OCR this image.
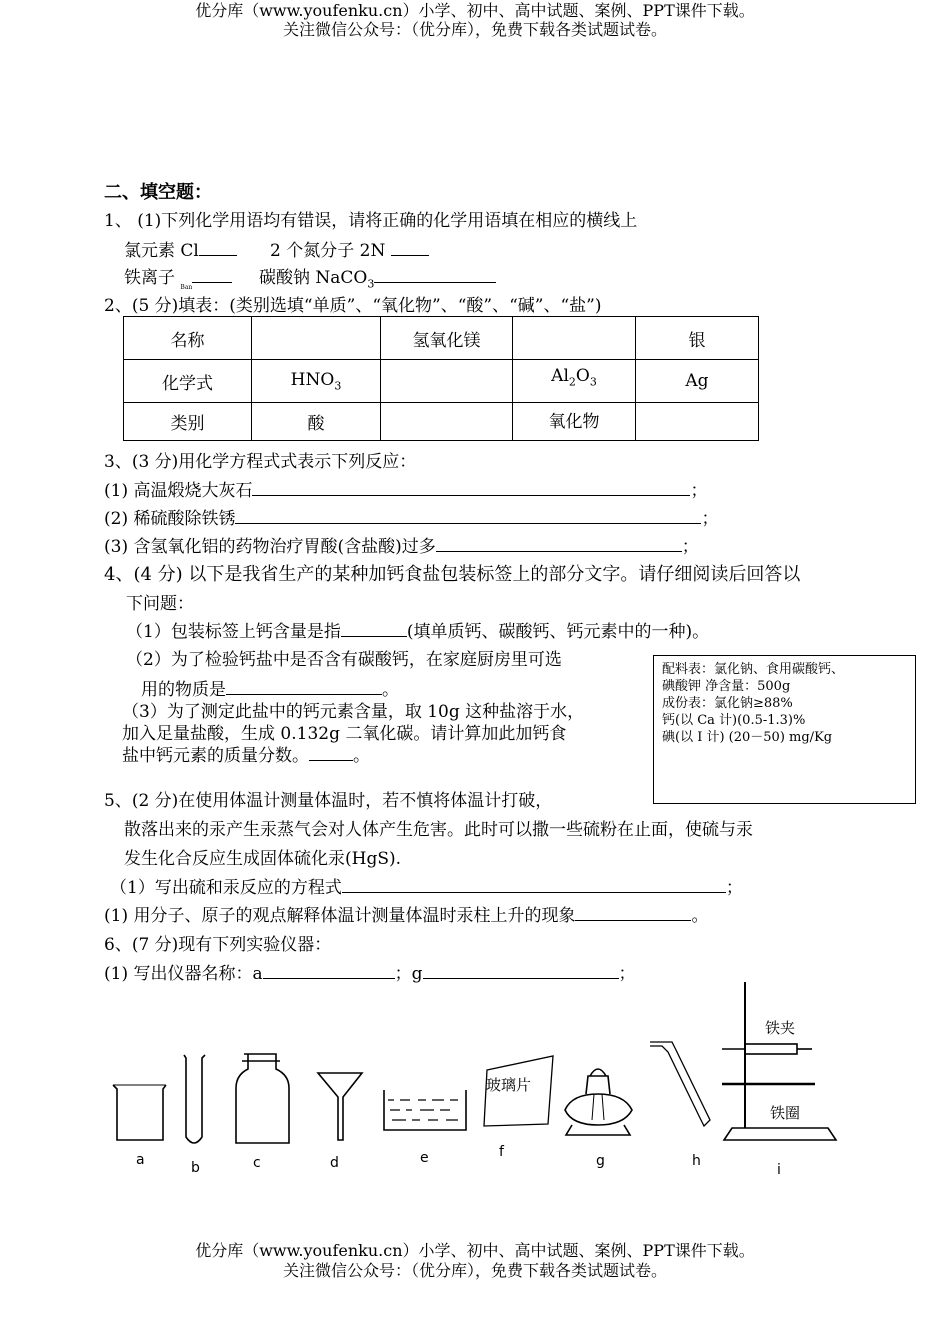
优分库（www.youfenku.cn）小学、初中、高中试题、案例、PPT课件下载。
关注微信公众号：（优分库），免费下载各类试题试卷。
二、填空题：
1、 (1)下列化学用语均有错误，请将正确的化学用语填在相应的横线上
氯元素 Cl	2 个氮分子 2N
铁离子 $_{Ban}$	碳酸钠 NaCO$_3$
2、(5 分)填表：(类别选填“单质”、“氧化物”、“酸”、“碱”、“盐”)
名称		氢氧化镁		银
化学式	$HNO_3$		$Al_2O_3$	Ag
类别	酸		氧化物	
3、(3 分)用化学方程式式表示下列反应：
(1) 高温煅烧大灰石	；
(2) 稀硫酸除铁锈	；
(3) 含氢氧化铝的药物治疗胃酸(含盐酸)过多	；
4、(4 分) 以下是我省生产的某种加钙食盐包装标签上的部分文字。请仔细阅读后回答以
下问题：
（1）包装标签上钙含量是指	(填单质钙、碳酸钙、钙元素中的一种)。
（2）为了检验钙盐中是否含有碳酸钙，在家庭厨房里可选
用的物质是	。
（3）为了测定此盐中的钙元素含量，取 10g 这种盐溶于水，
加入足量盐酸，生成 0.132g 二氧化碳。请计算加此加钙食
盐中钙元素的质量分数。	。
配料表：氯化钠、食用碳酸钙、
碘酸钾 净含量：500g
成份表：氯化钠≥88%
钙(以 Ca 计)(0.5-1.3)%
碘(以 I 计) (20－50) mg/Kg
5、(2 分)在使用体温计测量体温时，若不慎将体温计打破，
散落出来的汞产生汞蒸气会对人体产生危害。此时可以撒一些硫粉在止面，使硫与汞
发生化合反应生成固体硫化汞(HgS).
（1）写出硫和汞反应的方程式	；
(1) 用分子、原子的观点解释体温计测量体温时汞柱上升的现象	。
6、(7 分)现有下列实验仪器：
(1) 写出仪器名称：a	；g	；
玻璃片
铁夹
铁圈
a	b	c	d	e	f
g	h
i
优分库（www.youfenku.cn）小学、初中、高中试题、案例、PPT课件下载。
关注微信公众号：（优分库），免费下载各类试题试卷。
